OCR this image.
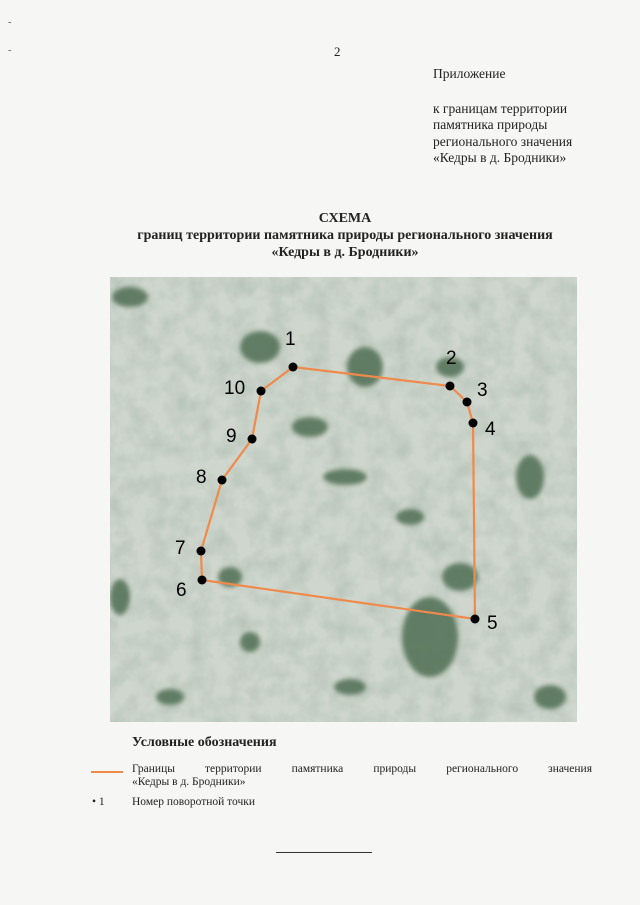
-
-	2
Приложение
к границам территории
памятника природы
регионального значения
«Кедры в д. Бродники»
СХЕМА
границ территории памятника природы регионального значения
«Кедры в д. Бродники»
1
2
3
4
5
6
7
8
9
10
Условные обозначения
Границы территории памятника природы регионального значения
«Кедры в д. Бродники»
• 1 Номер поворотной точки
